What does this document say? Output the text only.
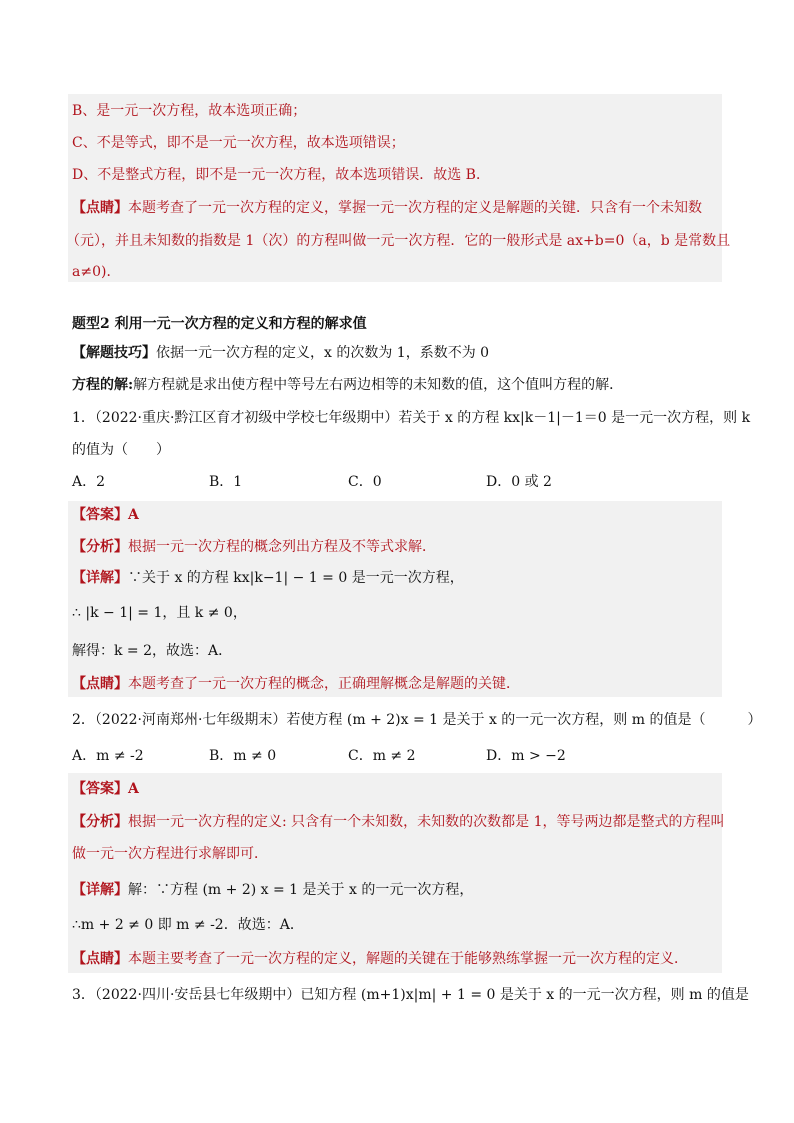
B、是一元一次方程，故本选项正确；
C、不是等式，即不是一元一次方程，故本选项错误；
D、不是整式方程，即不是一元一次方程，故本选项错误．故选 B．
【点睛】本题考查了一元一次方程的定义，掌握一元一次方程的定义是解题的关键．只含有一个未知数
（元），并且未知数的指数是 1（次）的方程叫做一元一次方程．它的一般形式是 ax+b=0（a，b 是常数且
a≠0)．
题型2 利用一元一次方程的定义和方程的解求值
【解题技巧】依据一元一次方程的定义，x 的次数为 1，系数不为 0
方程的解:解方程就是求出使方程中等号左右两边相等的未知数的值，这个值叫方程的解．
1．（2022·重庆·黔江区育才初级中学校七年级期中）若关于 x 的方程 kx|k－1|－1＝0 是一元一次方程，则 k
的值为（　　）
A．2	B．1	C．0	D．0 或 2
【答案】A
【分析】根据一元一次方程的概念列出方程及不等式求解．
【详解】∵关于 x 的方程 kx|k−1| − 1 = 0 是一元一次方程，
∴ |k − 1| = 1，且 k ≠ 0，
解得：k = 2，故选：A．
【点睛】本题考查了一元一次方程的概念，正确理解概念是解题的关键．
2．（2022·河南郑州·七年级期末）若使方程 (m + 2)x = 1 是关于 x 的一元一次方程，则 m 的值是（　　　）
A．m ≠ -2	B．m ≠ 0	C．m ≠ 2	D．m > −2
【答案】A
【分析】根据一元一次方程的定义: 只含有一个未知数，未知数的次数都是 1，等号两边都是整式的方程叫
做一元一次方程进行求解即可．
【详解】解：∵方程 (m + 2) x = 1 是关于 x 的一元一次方程，
∴m + 2 ≠ 0 即 m ≠ -2．故选：A．
【点睛】本题主要考查了一元一次方程的定义，解题的关键在于能够熟练掌握一元一次方程的定义．
3．（2022·四川·安岳县七年级期中）已知方程 (m+1)x|m| + 1 = 0 是关于 x 的一元一次方程，则 m 的值是
